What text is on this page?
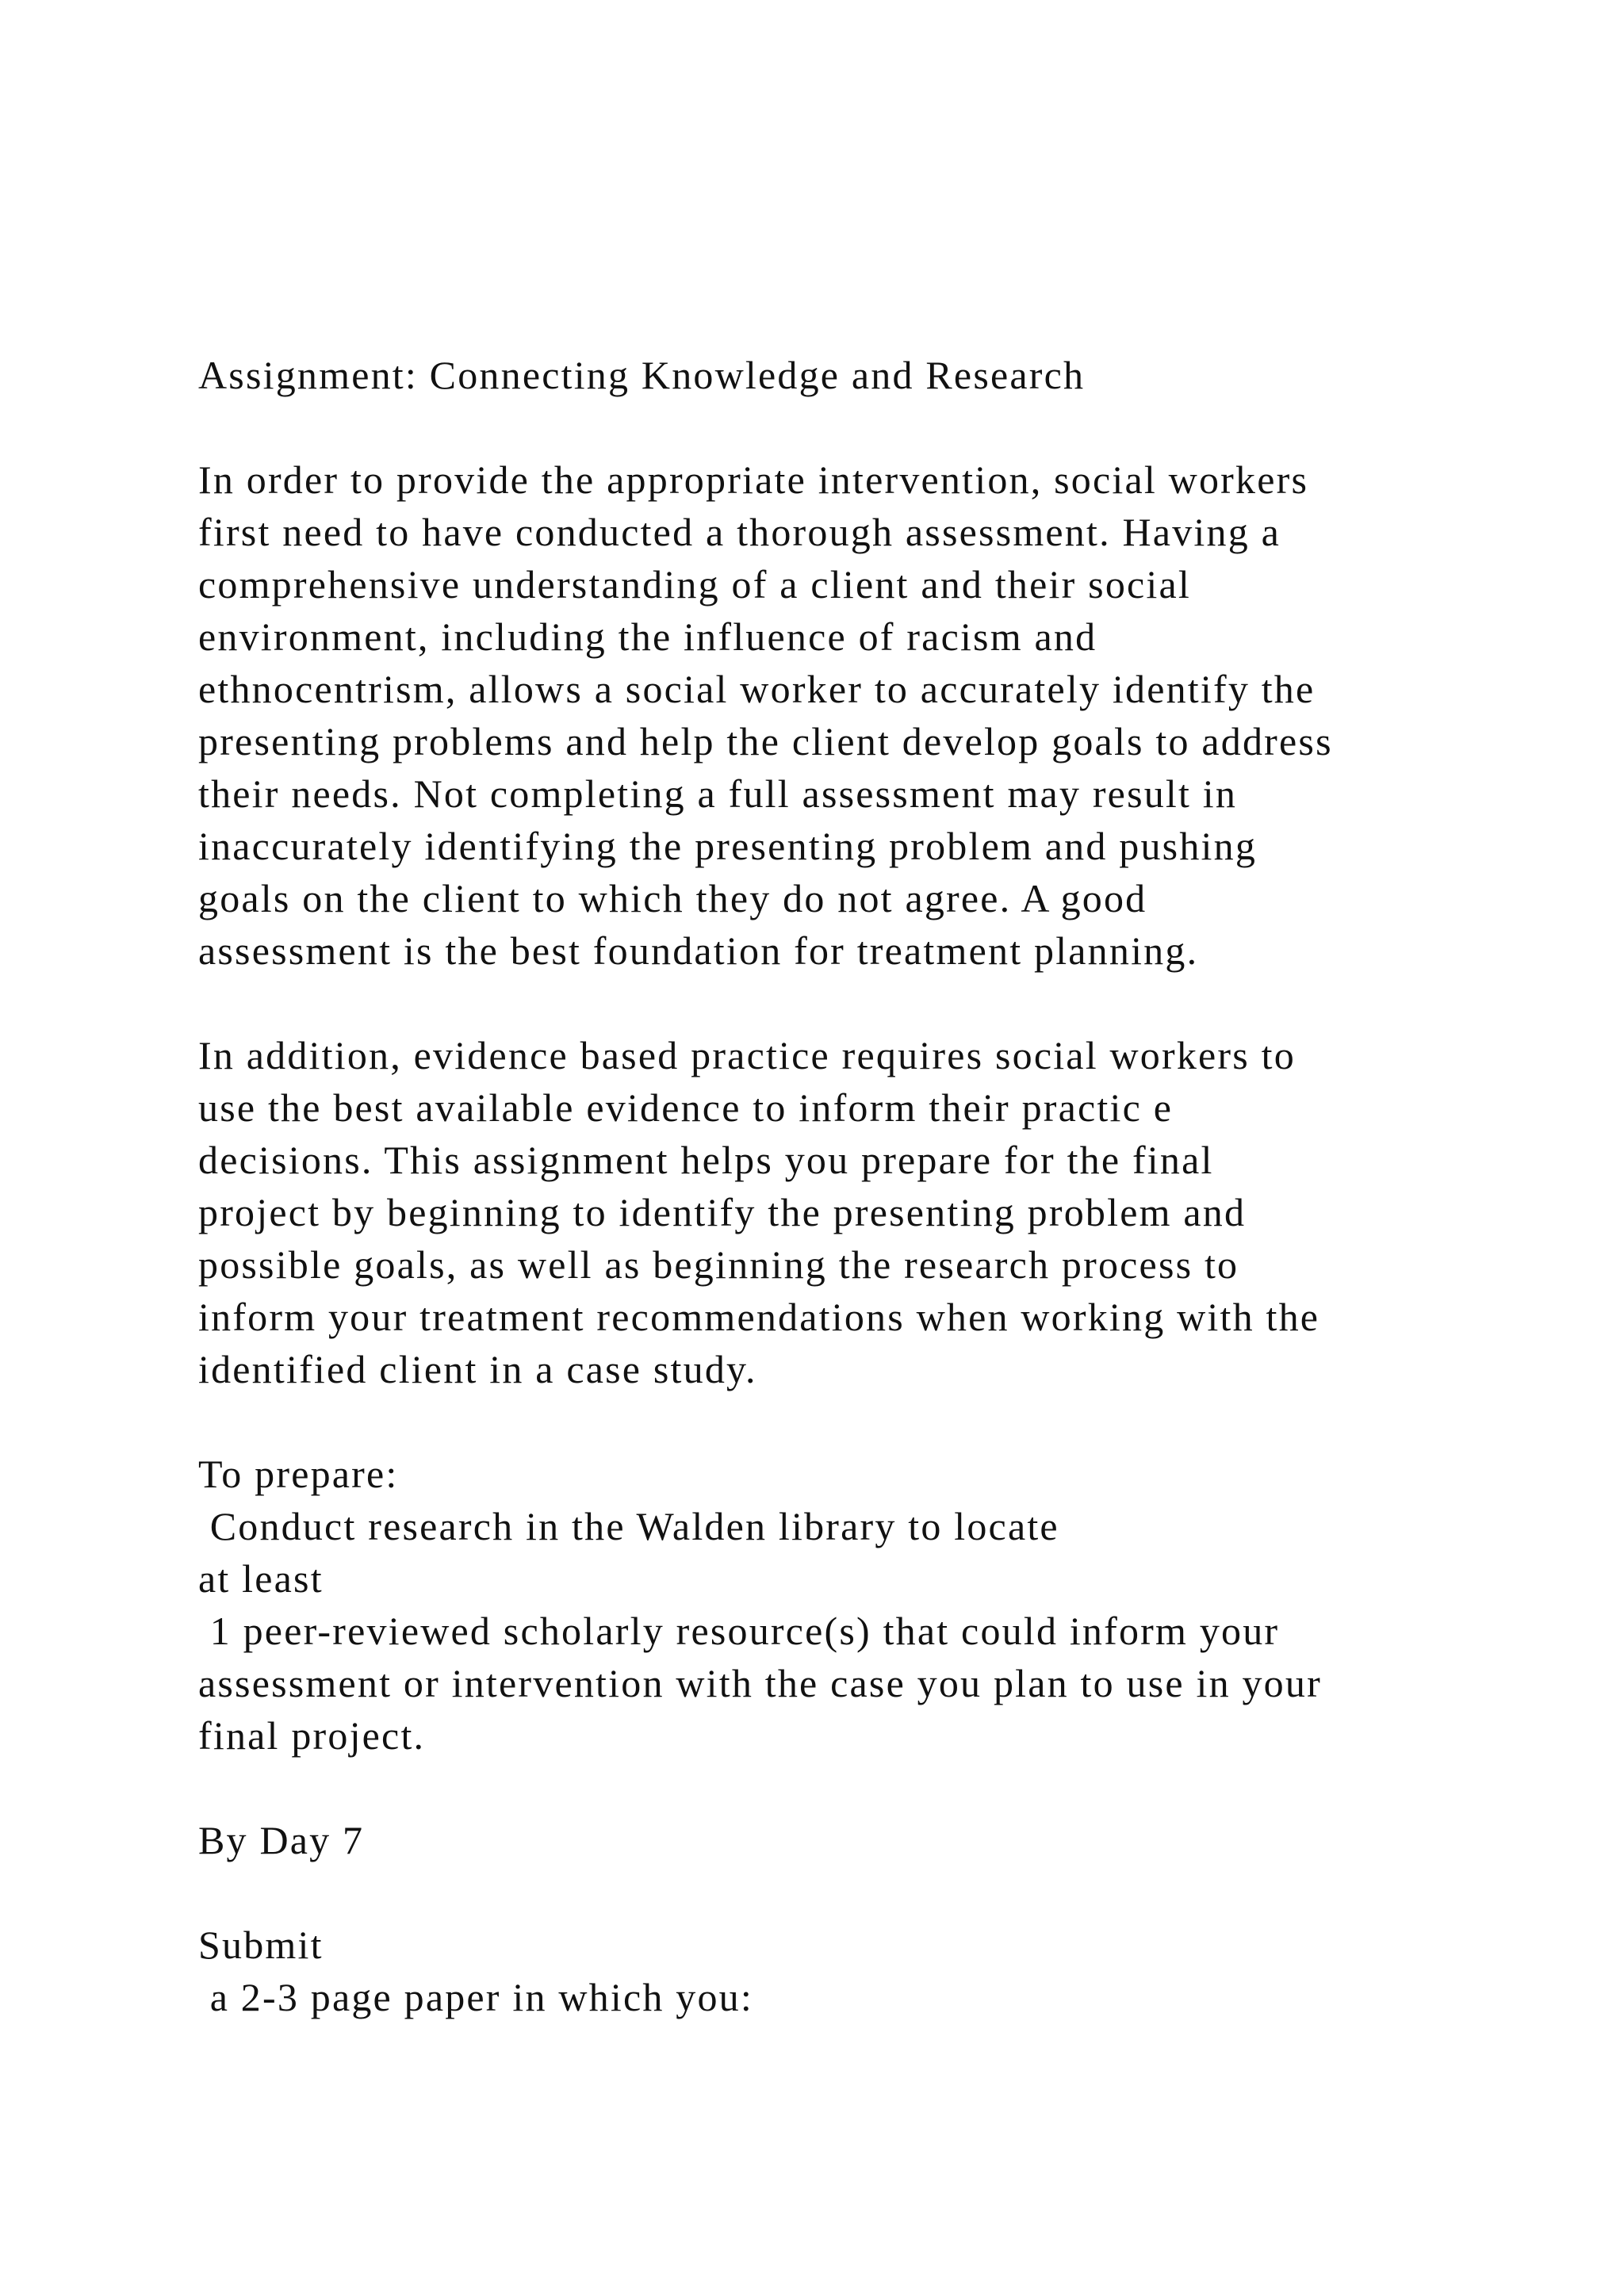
Assignment: Connecting Knowledge and Research
In order to provide the appropriate intervention, social workers
first need to have conducted a thorough assessment. Having a
comprehensive understanding of a client and their social
environment, including the influence of racism and
ethnocentrism, allows a social worker to accurately identify the
presenting problems and help the client develop goals to address
their needs. Not completing a full assessment may result in
inaccurately identifying the presenting problem and pushing
goals on the client to which they do not agree. A good
assessment is the best foundation for treatment planning.
In addition, evidence based practice requires social workers to
use the best available evidence to inform their practic e
decisions. This assignment helps you prepare for the final
project by beginning to identify the presenting problem and
possible goals, as well as beginning the research process to
inform your treatment recommendations when working with the
identified client in a case study.
To prepare:
Conduct research in the Walden library to locate
at least
1 peer-reviewed scholarly resource(s) that could inform your
assessment or intervention with the case you plan to use in your
final project.
By Day 7
Submit
a 2-3 page paper in which you:
